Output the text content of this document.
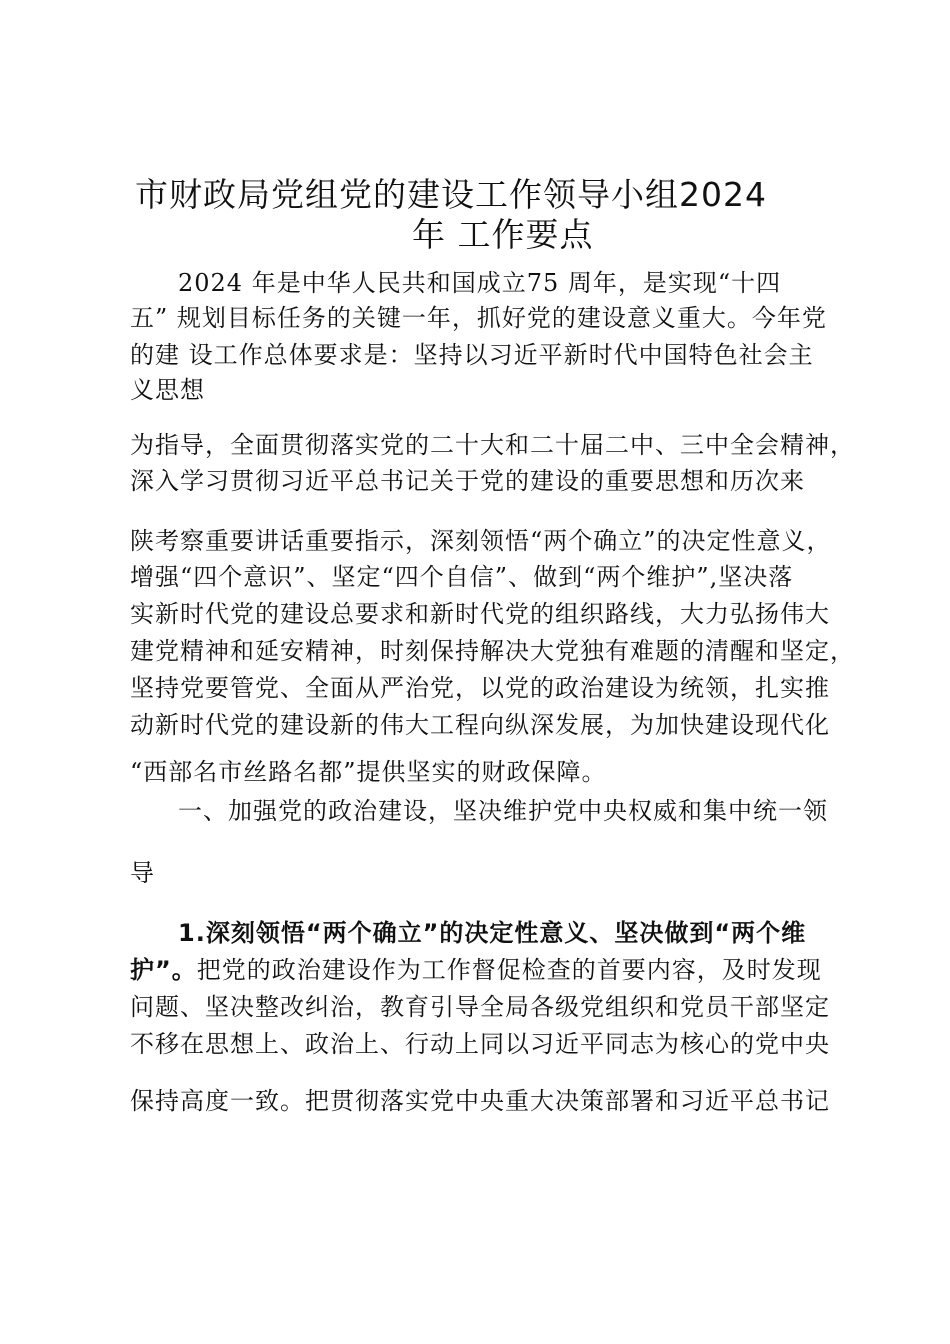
市财政局党组党的建设工作领导小组2024
年 工作要点
2024 年是中华人民共和国成立75 周年，是实现“十四
五” 规划目标任务的关键一年，抓好党的建设意义重大。今年党
的建 设工作总体要求是：坚持以习近平新时代中国特色社会主
义思想
为指导，全面贯彻落实党的二十大和二十届二中、三中全会精神，
深入学习贯彻习近平总书记关于党的建设的重要思想和历次来
陕考察重要讲话重要指示，深刻领悟“两个确立”的决定性意义，
增强“四个意识”、坚定“四个自信”、做到“两个维护”,坚决落
实新时代党的建设总要求和新时代党的组织路线，大力弘扬伟大
建党精神和延安精神，时刻保持解决大党独有难题的清醒和坚定，
坚持党要管党、全面从严治党，以党的政治建设为统领，扎实推
动新时代党的建设新的伟大工程向纵深发展，为加快建设现代化
“西部名市丝路名都”提供坚实的财政保障。
一、加强党的政治建设，坚决维护党中央权威和集中统一领
导
1.深刻领悟“两个确立”的决定性意义、坚决做到“两个维
护”。把党的政治建设作为工作督促检查的首要内容，及时发现
问题、坚决整改纠治，教育引导全局各级党组织和党员干部坚定
不移在思想上、政治上、行动上同以习近平同志为核心的党中央
保持高度一致。把贯彻落实党中央重大决策部署和习近平总书记
